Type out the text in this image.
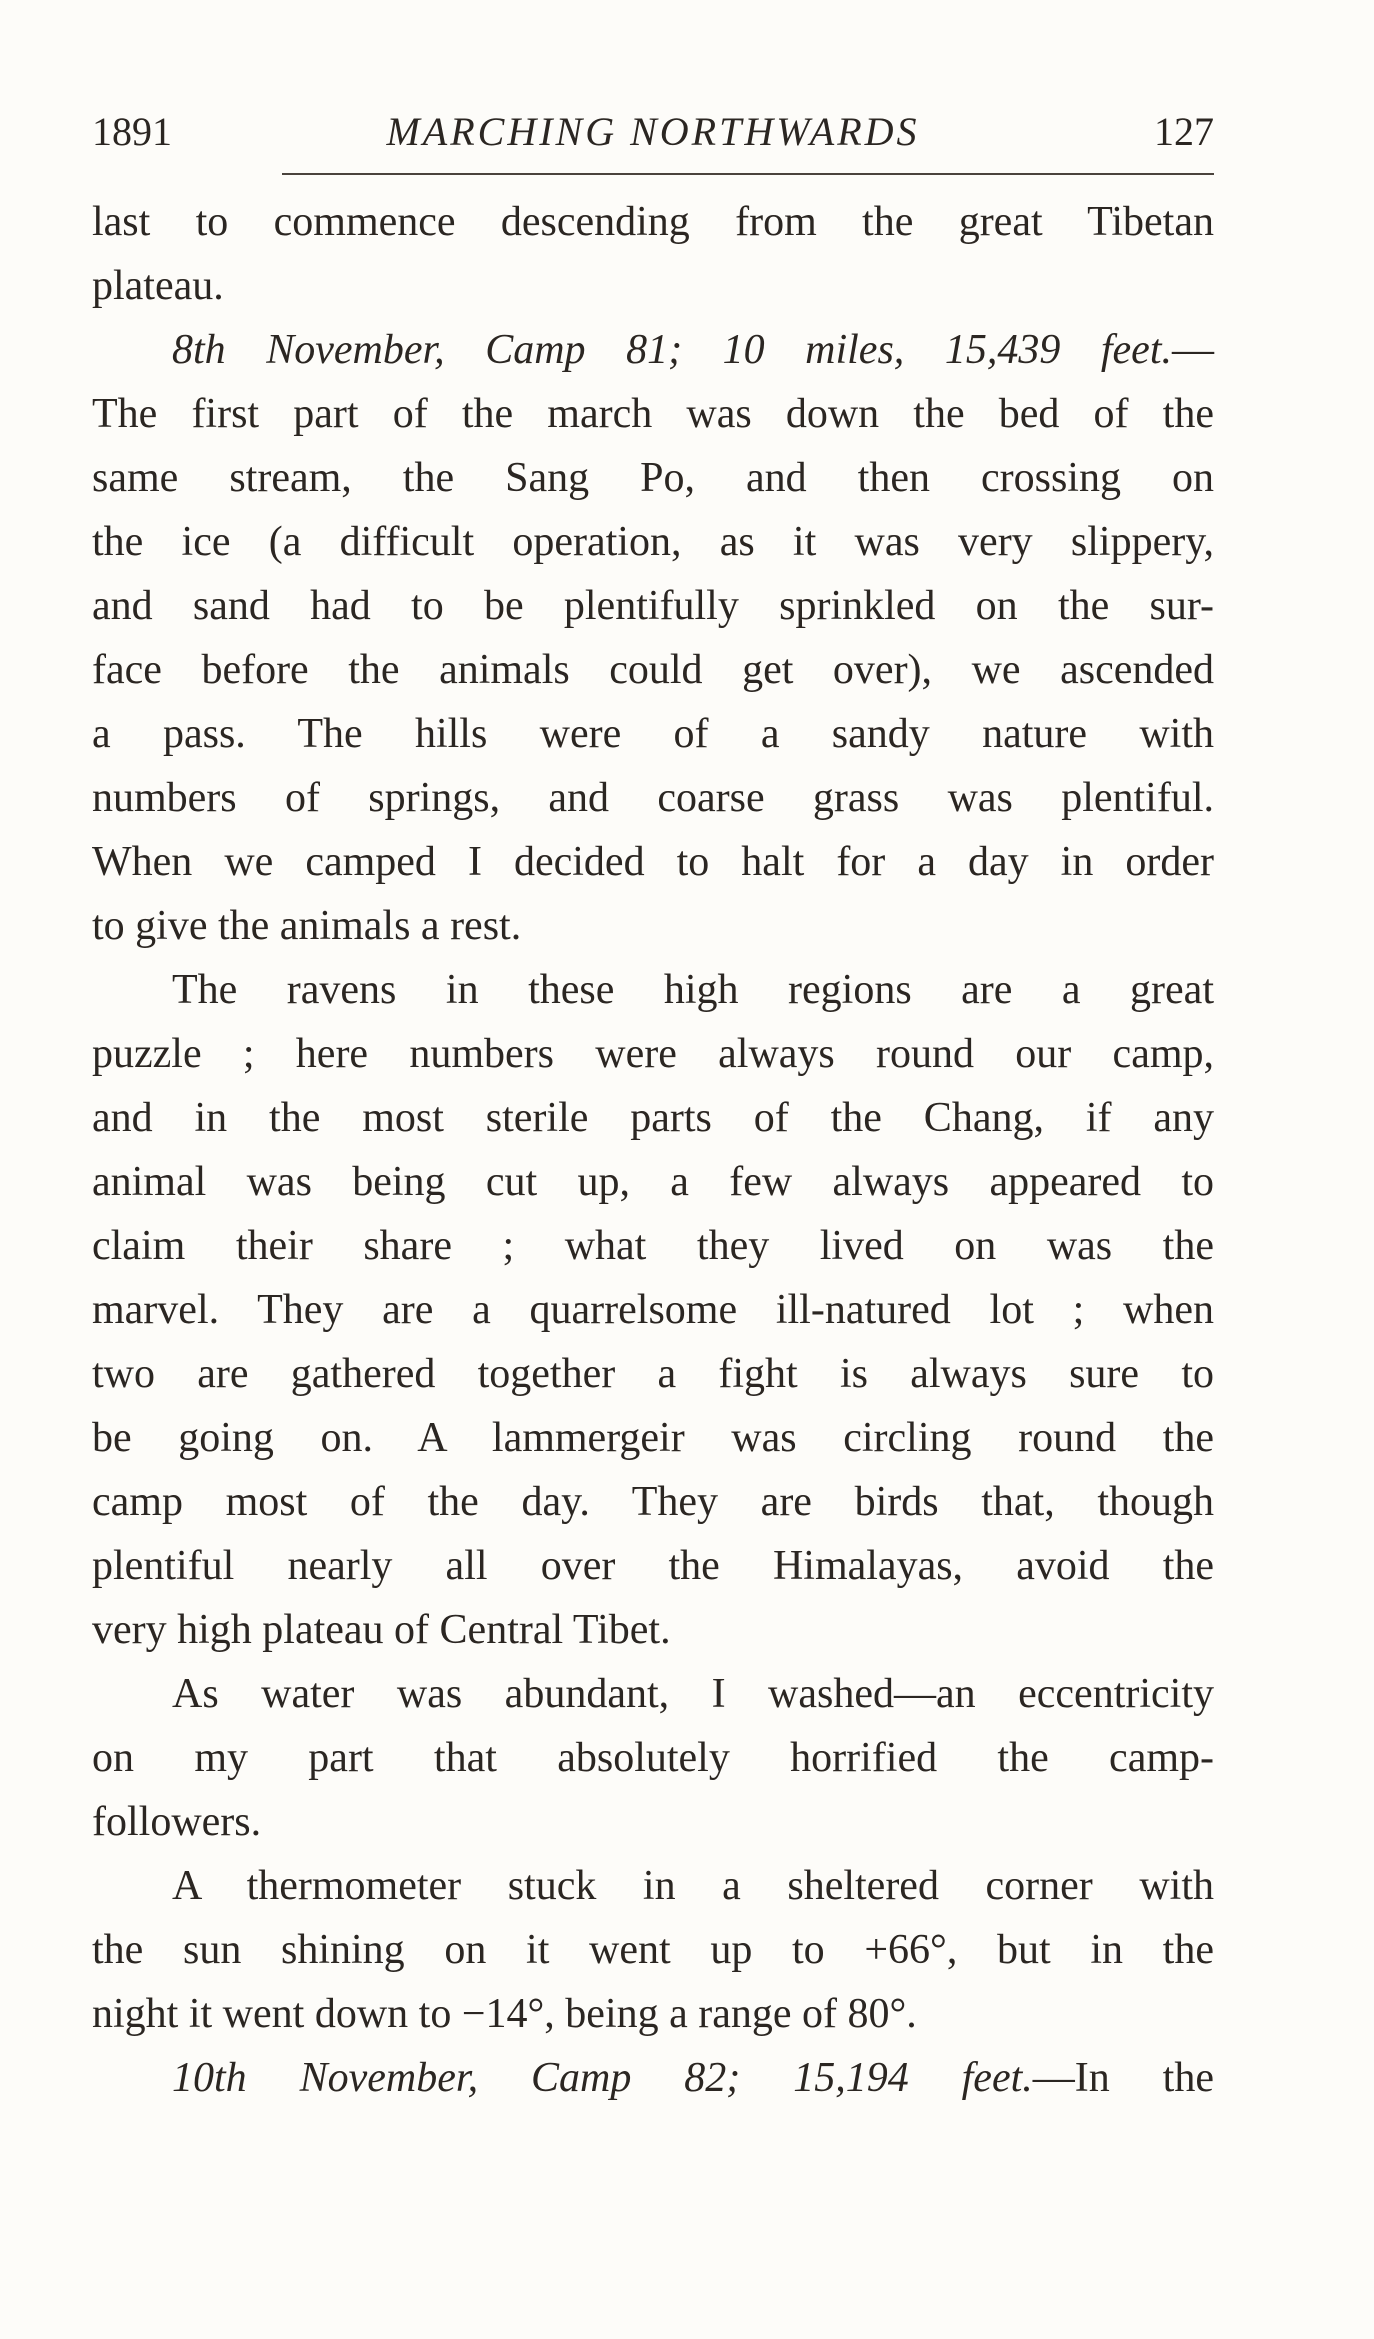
1891	MARCHING NORTHWARDS	127
last to commence descending from the great Tibetan
plateau.
8th November, Camp 81; 10 miles, 15,439 feet.—
The first part of the march was down the bed of the
same stream, the Sang Po, and then crossing on
the ice (a difficult operation, as it was very slippery,
and sand had to be plentifully sprinkled on the sur-
face before the animals could get over), we ascended
a pass. The hills were of a sandy nature with
numbers of springs, and coarse grass was plentiful.
When we camped I decided to halt for a day in order
to give the animals a rest.
The ravens in these high regions are a great
puzzle ; here numbers were always round our camp,
and in the most sterile parts of the Chang, if any
animal was being cut up, a few always appeared to
claim their share ; what they lived on was the
marvel. They are a quarrelsome ill-natured lot ; when
two are gathered together a fight is always sure to
be going on. A lammergeir was circling round the
camp most of the day. They are birds that, though
plentiful nearly all over the Himalayas, avoid the
very high plateau of Central Tibet.
As water was abundant, I washed—an eccentricity
on my part that absolutely horrified the camp-
followers.
A thermometer stuck in a sheltered corner with
the sun shining on it went up to +66°, but in the
night it went down to −14°, being a range of 80°.
10th November, Camp 82; 15,194 feet.—In the
